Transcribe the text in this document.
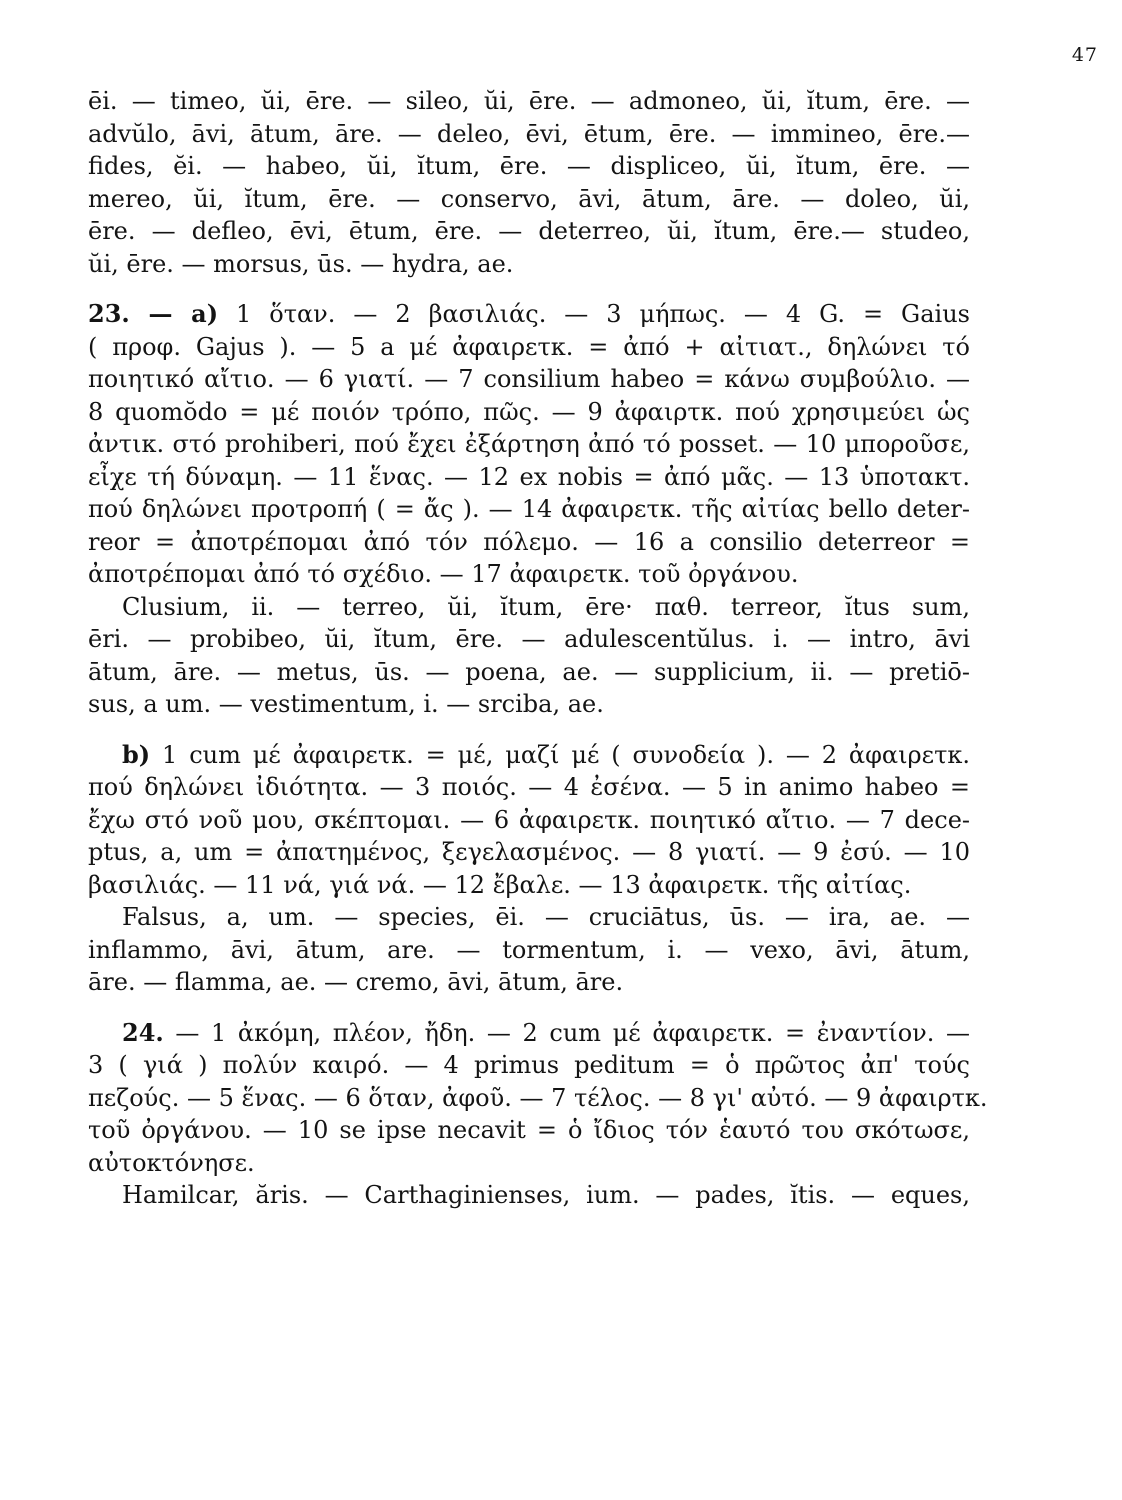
47
ēi. — timeo, ŭi, ēre. — sileo, ŭi, ēre. — admoneo, ŭi, ĭtum, ēre. —
advŭlo, āvi, ātum, āre. — deleo, ēvi, ētum, ēre. — immineo, ēre.—
fides, ĕi. — habeo, ŭi, ĭtum, ēre. — displiceo, ŭi, ĭtum, ēre. —
mereo, ŭi, ĭtum, ēre. — conservo, āvi, ātum, āre. — doleo, ŭi,
ēre. — defleo, ēvi, ētum, ēre. — deterreo, ŭi, ĭtum, ēre.— studeo,
ŭi, ēre. — morsus, ūs. — hydra, ae.
23. — a) 1 ὅταν. — 2 βασιλιάς. — 3 μήπως. — 4 G. = Gaius
( προφ. Gajus ). — 5 a μέ ἀφαιρετκ. = ἀπό + αἰτιατ., δηλώνει τό
ποιητικό αἴτιο. — 6 γιατί. — 7 consilium habeo = κάνω συμβούλιο. —
8 quomŏdo = μέ ποιόν τρόπο, πῶς. — 9 ἀφαιρτκ. πού χρησιμεύει ὡς
ἀντικ. στό prohiberi, πού ἔχει ἐξάρτηση ἀπό τό posset. — 10 μποροῦσε,
εἶχε τή δύναμη. — 11 ἕνας. — 12 ex nobis = ἀπό μᾶς. — 13 ὑποτακτ.
πού δηλώνει προτροπή ( = ἄς ). — 14 ἀφαιρετκ. τῆς αἰτίας bello deter-
reor = ἀποτρέπομαι ἀπό τόν πόλεμο. — 16 a consilio deterreor =
ἀποτρέπομαι ἀπό τό σχέδιο. — 17 ἀφαιρετκ. τοῦ ὀργάνου.
Clusium, ii. — terreo, ŭi, ĭtum, ēre· παθ. terreor, ĭtus sum,
ēri. — probibeo, ŭi, ĭtum, ēre. — adulescentŭlus. i. — intro, āvi
ātum, āre. — metus, ūs. — poena, ae. — supplicium, ii. — pretiō-
sus, a um. — vestimentum, i. — srciba, ae.
b) 1 cum μέ ἀφαιρετκ. = μέ, μαζί μέ ( συνοδεία ). — 2 ἀφαιρετκ.
πού δηλώνει ἰδιότητα. — 3 ποιός. — 4 ἐσένα. — 5 in animo habeo =
ἔχω στό νοῦ μου, σκέπτομαι. — 6 ἀφαιρετκ. ποιητικό αἴτιο. — 7 dece-
ptus, a, um = ἀπατημένος, ξεγελασμένος. — 8 γιατί. — 9 ἐσύ. — 10
βασιλιάς. — 11 νά, γιά νά. — 12 ἔβαλε. — 13 ἀφαιρετκ. τῆς αἰτίας.
Falsus, a, um. — species, ēi. — cruciātus, ūs. — ira, ae. —
inflammo, āvi, ātum, are. — tormentum, i. — vexo, āvi, ātum,
āre. — flamma, ae. — cremo, āvi, ātum, āre.
24. — 1 ἀκόμη, πλέον, ἤδη. — 2 cum μέ ἀφαιρετκ. = ἐναντίον. —
3 ( γιά ) πολύν καιρό. — 4 primus peditum = ὁ πρῶτος ἀπ' τούς
πεζούς. — 5 ἕνας. — 6 ὅταν, ἀφοῦ. — 7 τέλος. — 8 γι' αὐτό. — 9 ἀφαιρτκ.
τοῦ ὀργάνου. — 10 se ipse necavit = ὁ ἴδιος τόν ἑαυτό του σκότωσε,
αὐτοκτόνησε.
Hamilcar, ăris. — Carthaginienses, ium. — pades, ĭtis. — eques,
